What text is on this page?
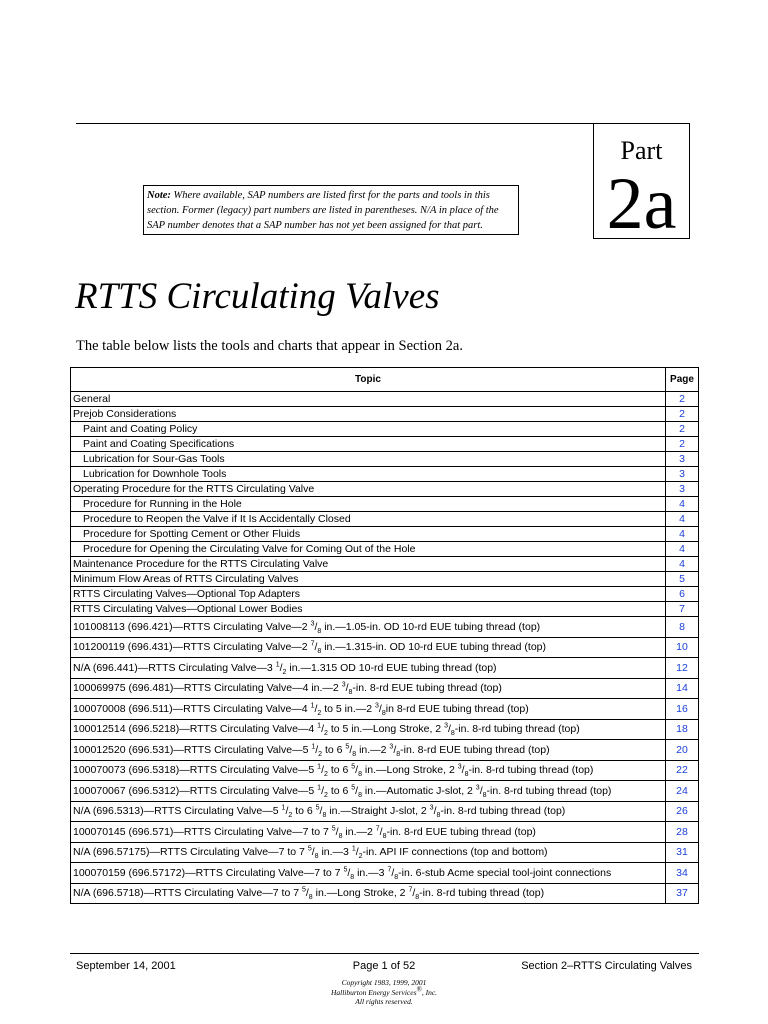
Part
2a
Note: Where available, SAP numbers are listed first for the parts and tools in this section. Former (legacy) part numbers are listed in parentheses. N/A in place of the SAP number denotes that a SAP number has not yet been assigned for that part.
RTTS Circulating Valves
The table below lists the tools and charts that appear in Section 2a.
Topic	Page
General	2
Prejob Considerations	2
Paint and Coating Policy	2
Paint and Coating Specifications	2
Lubrication for Sour-Gas Tools	3
Lubrication for Downhole Tools	3
Operating Procedure for the RTTS Circulating Valve	3
Procedure for Running in the Hole	4
Procedure to Reopen the Valve if It Is Accidentally Closed	4
Procedure for Spotting Cement or Other Fluids	4
Procedure for Opening the Circulating Valve for Coming Out of the Hole	4
Maintenance Procedure for the RTTS Circulating Valve	4
Minimum Flow Areas of RTTS Circulating Valves	5
RTTS Circulating Valves—Optional Top Adapters	6
RTTS Circulating Valves—Optional Lower Bodies	7
101008113 (696.421)—RTTS Circulating Valve—2 $^3/_8$ in.—1.05-in. OD 10-rd EUE tubing thread (top)	8
101200119 (696.431)—RTTS Circulating Valve—2 $^7/_8$ in.—1.315-in. OD 10-rd EUE tubing thread (top)	10
N/A (696.441)—RTTS Circulating Valve—3 $^1/_2$ in.—1.315 OD 10-rd EUE tubing thread (top)	12
100069975 (696.481)—RTTS Circulating Valve—4 in.—2 $^3/_8-in$. 8-rd EUE tubing thread (top)	14
100070008 (696.511)—RTTS Circulating Valve—4 $^1/_2$ to 5 in.—2 $^3/_8in$ 8-rd EUE tubing thread (top)	16
100012514 (696.5218)—RTTS Circulating Valve—4 $^1/_2$ to 5 in.—Long Stroke, 2 $^3/_8-in$. 8-rd tubing thread (top)	18
100012520 (696.531)—RTTS Circulating Valve—5 $^1/_2$ to 6 $^5/_8$ in.—2 $^3/_8-in$. 8-rd EUE tubing thread (top)	20
100070073 (696.5318)—RTTS Circulating Valve—5 $^1/_2$ to 6 $^5/_8$ in.—Long Stroke, 2 $^3/_8-in$. 8-rd tubing thread (top)	22
100070067 (696.5312)—RTTS Circulating Valve—5 $^1/_2$ to 6 $^5/_8$ in.—Automatic J-slot, 2 $^3/_8-in$. 8-rd tubing thread (top)	24
N/A (696.5313)—RTTS Circulating Valve—5 $^1/_2$ to 6 $^5/_8$ in.—Straight J-slot, 2 $^3/_8-in$. 8-rd tubing thread (top)	26
100070145 (696.571)—RTTS Circulating Valve—7 to 7 $^5/_8$ in.—2 $^7/_8-in$. 8-rd EUE tubing thread (top)	28
N/A (696.57175)—RTTS Circulating Valve—7 to 7 $^5/_8$ in.—3 $^1/_2-in$. API IF connections (top and bottom)	31
100070159 (696.57172)—RTTS Circulating Valve—7 to 7 $^5/_8$ in.—3 $^7/_8-in$. 6-stub Acme special tool-joint connections	34
N/A (696.5718)—RTTS Circulating Valve—7 to 7 $^5/_8$ in.—Long Stroke, 2 $^7/_8-in$. 8-rd tubing thread (top)	37
September 14, 2001	Page 1 of 52	Section 2–RTTS Circulating Valves
Copyright 1983, 1999, 2001
Halliburton Energy Services®, Inc.
All rights reserved.
